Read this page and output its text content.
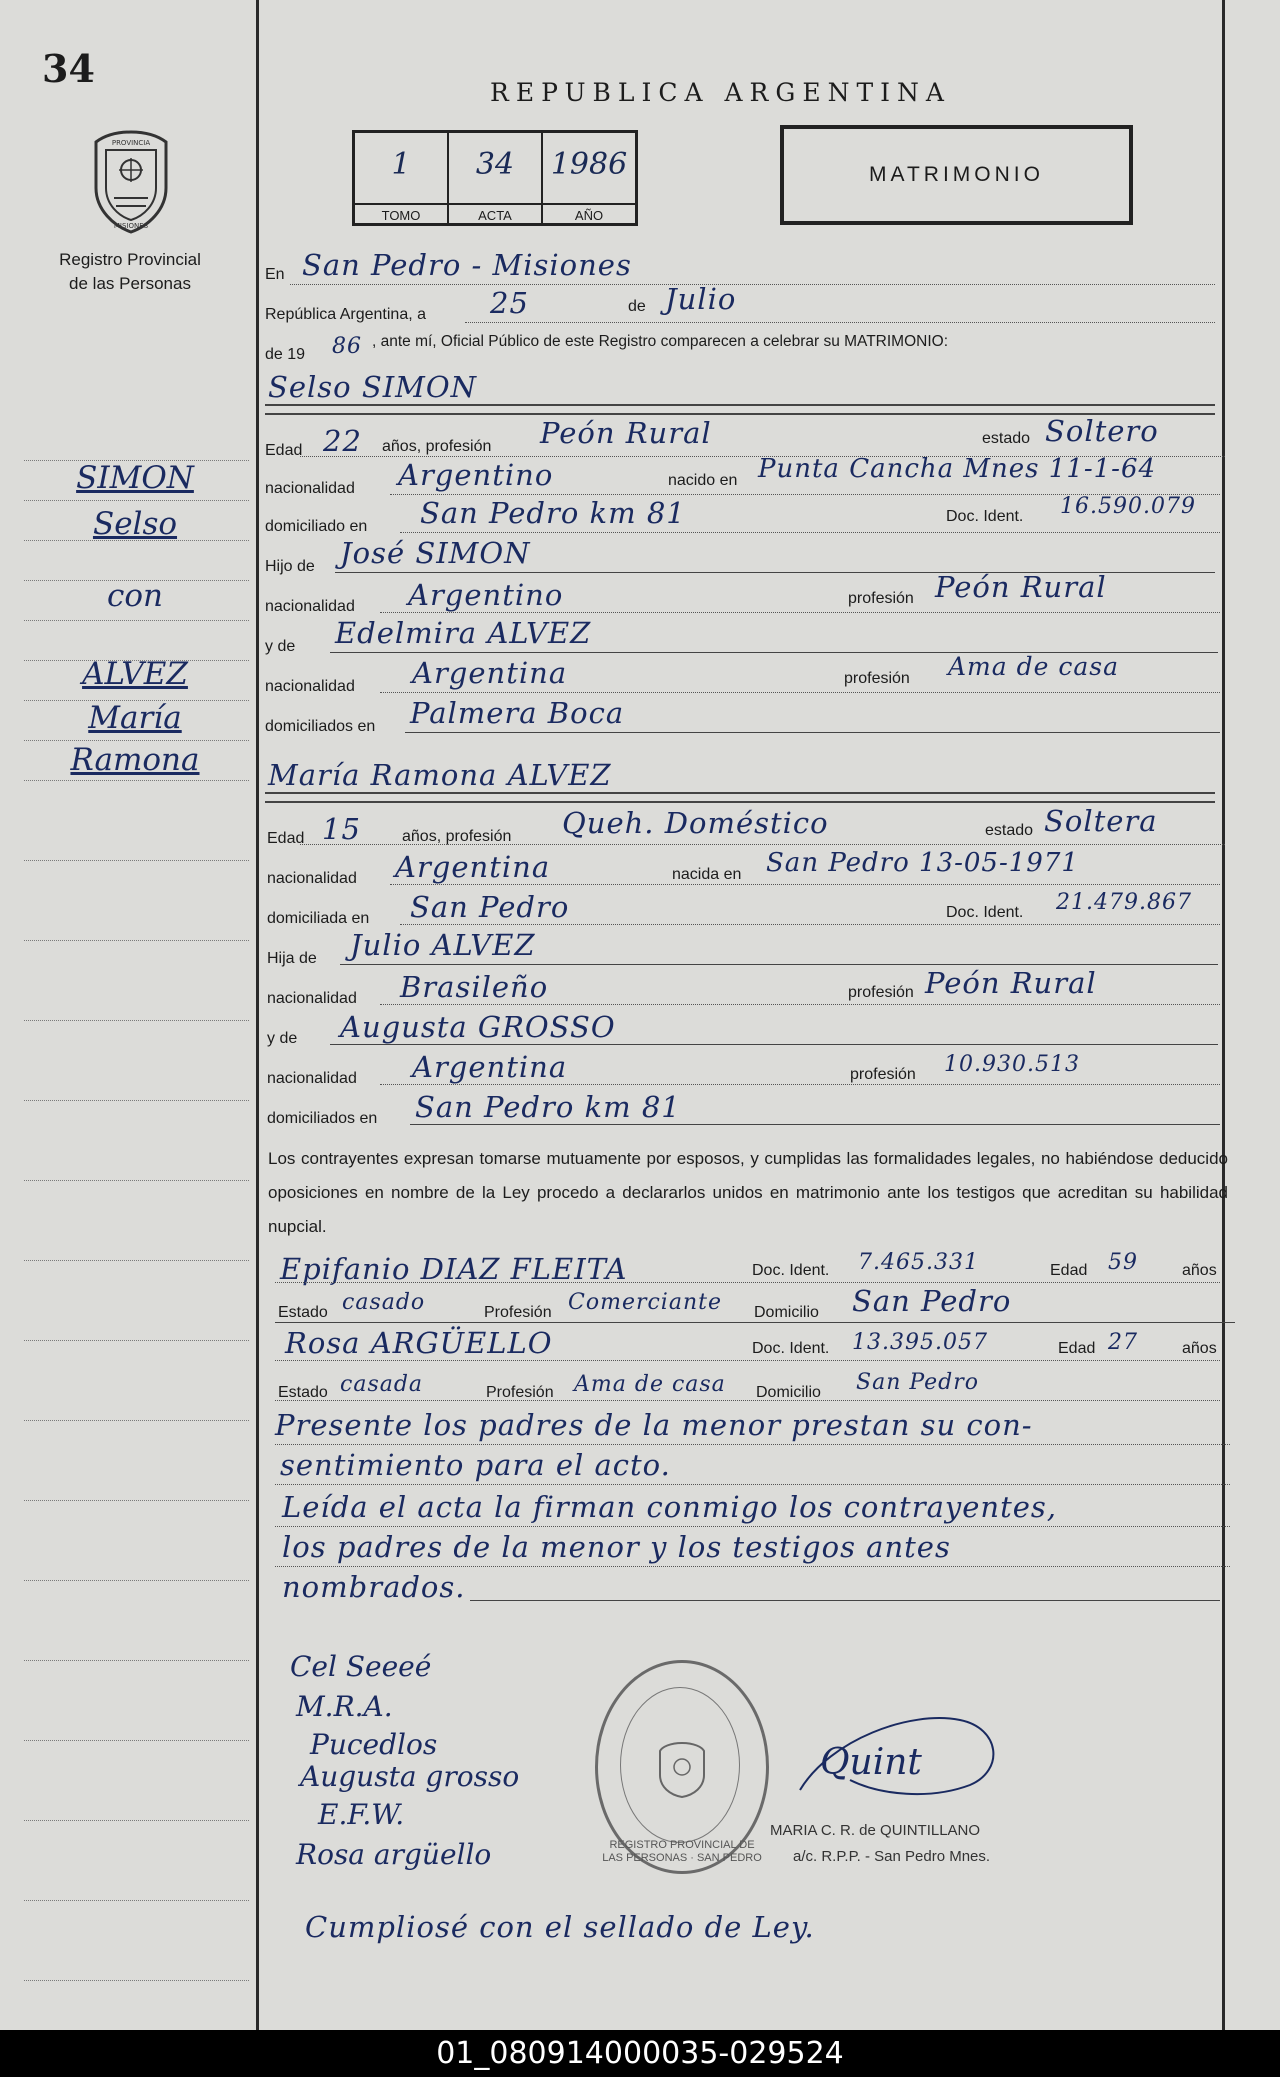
34
PROVINCIA
MISIONES
Registro Provincial
de las Personas
REPUBLICA ARGENTINA
1
TOMO
34
ACTA
1986
AÑO
MATRIMONIO
SIMON
Selso
con
ALVEZ
María
Ramona
En San Pedro - Misiones
República Argentina, a 25	de Julio
de 19 86 , ante mí, Oficial Público de este Registro comparecen a celebrar su MATRIMONIO:
Selso SIMON
Edad 22 años, profesión Peón Rural	estado Soltero
nacionalidad Argentino	nacido en Punta Cancha Mnes 11-1-64
domiciliado en San Pedro km 81	Doc. Ident. 16.590.079
Hijo de José SIMON
nacionalidad Argentino	profesión Peón Rural
y de Edelmira ALVEZ
nacionalidad Argentina	profesión Ama de casa
domiciliados en Palmera Boca
María Ramona ALVEZ
Edad 15	años, profesión Queh. Doméstico	estado Soltera
nacionalidad Argentina	nacida en San Pedro 13-05-1971
domiciliada en San Pedro	Doc. Ident. 21.479.867
Hija de Julio ALVEZ
nacionalidad Brasileño	profesión Peón Rural
y de Augusta GROSSO
nacionalidad Argentina	profesión 10.930.513
domiciliados en San Pedro km 81
Los contrayentes expresan tomarse mutuamente por esposos, y cumplidas las formalidades legales, no habiéndose deducido oposiciones en nombre de la Ley procedo a declararlos unidos en matrimonio ante los testigos que acreditan su habilidad nupcial.
Epifanio DIAZ FLEITA	Doc. Ident. 7.465.331	Edad 59	años
Estado casado	Profesión Comerciante Domicilio San Pedro
Rosa ARGÜELLO	Doc. Ident. 13.395.057	Edad 27	años
Estado casada	Profesión Ama de casa Domicilio San Pedro
Presente los padres de la menor prestan su con-
sentimiento para el acto.
Leída el acta la firman conmigo los contrayentes,
los padres de la menor y los testigos antes
nombrados.
Cel Seeeé
M.R.A.
Pucedlos
Augusta grosso
E.F.W.
Rosa argüello	REGISTRO PROVINCIAL DE LAS PERSONAS · SAN PEDRO
Quint
MARIA C. R. de QUINTILLANO
a/c. R.P.P. - San Pedro Mnes.
Cumpliosé con el sellado de Ley.
01_080914000035-029524
